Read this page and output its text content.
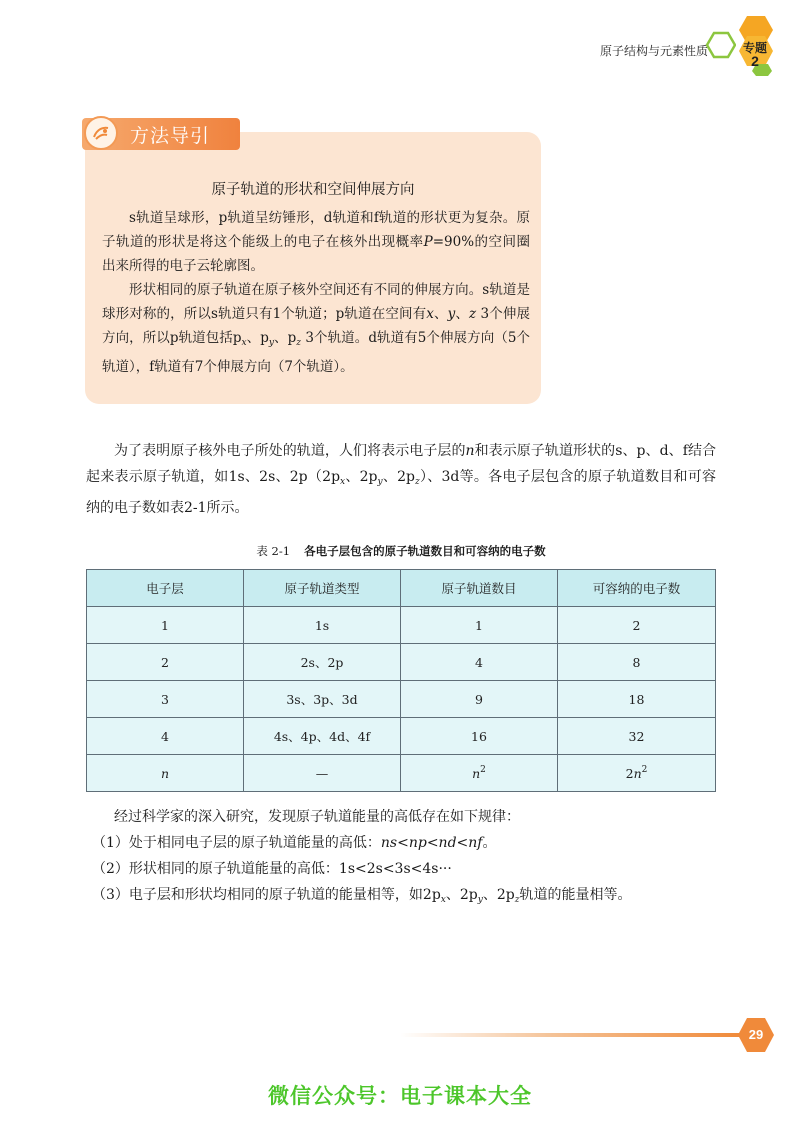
原子结构与元素性质	专题
2
方法导引
原子轨道的形状和空间伸展方向

s轨道呈球形，p轨道呈纺锤形，d轨道和f轨道的形状更为复杂。原子轨道的形状是将这个能级上的电子在核外出现概率P=90%的空间圈出来所得的电子云轮廓图。

形状相同的原子轨道在原子核外空间还有不同的伸展方向。s轨道是球形对称的，所以s轨道只有1个轨道；p轨道在空间有x、y、z 3个伸展方向，所以p轨道包括$p_x$、$p_y$、$p_z$ 3个轨道。d轨道有5个伸展方向（5个轨道），f轨道有7个伸展方向（7个轨道）。

为了表明原子核外电子所处的轨道，人们将表示电子层的n和表示原子轨道形状的s、p、d、f结合起来表示原子轨道，如1s、2s、$2p(2p_x$、$2p_y$、$2p_z$）、3d等。各电子层包含的原子轨道数目和可容纳的电子数如表2-1所示。

表 2-1 各电子层包含的原子轨道数目和可容纳的电子数
电子层	原子轨道类型	原子轨道数目	可容纳的电子数
1	1s	1	2
2	2s、2p	4	8
3	3s、3p、3d	9	18
4	4s、4p、4d、4f	16	32
n	—	$n^2$	$2n^2$

经过科学家的深入研究，发现原子轨道能量的高低存在如下规律：

（1）处于相同电子层的原子轨道能量的高低：ns<np<nd<nf。

（2）形状相同的原子轨道能量的高低：1s<2s<3s<4s···

（3）电子层和形状均相同的原子轨道的能量相等，如$2p_x$、$2p_y$、$2p_z$轨道的能量相等。

29
微信公众号：电子课本大全
